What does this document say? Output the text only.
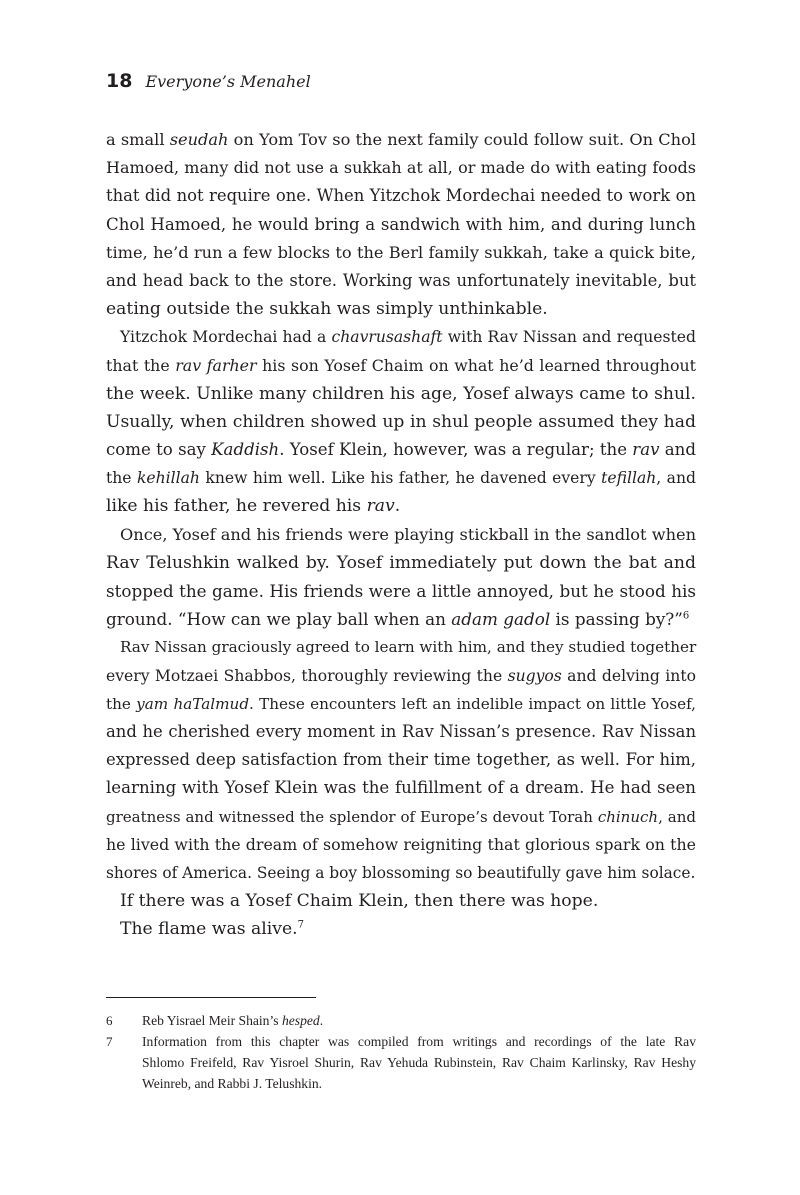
18 Everyone’s Menahel
a small seudah on Yom Tov so the next family could follow suit. On Chol
Hamoed, many did not use a sukkah at all, or made do with eating foods
that did not require one. When Yitzchok Mordechai needed to work on
Chol Hamoed, he would bring a sandwich with him, and during lunch
time, he’d run a few blocks to the Berl family sukkah, take a quick bite,
and head back to the store. Working was unfortunately inevitable, but
eating outside the sukkah was simply unthinkable.
Yitzchok Mordechai had a chavrusashaft with Rav Nissan and requested
that the rav farher his son Yosef Chaim on what he’d learned throughout
the week. Unlike many children his age, Yosef always came to shul.
Usually, when children showed up in shul people assumed they had
come to say Kaddish. Yosef Klein, however, was a regular; the rav and
the kehillah knew him well. Like his father, he davened every tefillah, and
like his father, he revered his rav.
Once, Yosef and his friends were playing stickball in the sandlot when
Rav Telushkin walked by. Yosef immediately put down the bat and
stopped the game. His friends were a little annoyed, but he stood his
ground. “How can we play ball when an adam gadol is passing by?”$^6$
Rav Nissan graciously agreed to learn with him, and they studied together
every Motzaei Shabbos, thoroughly reviewing the sugyos and delving into
the yam haTalmud. These encounters left an indelible impact on little Yosef,
and he cherished every moment in Rav Nissan’s presence. Rav Nissan
expressed deep satisfaction from their time together, as well. For him,
learning with Yosef Klein was the fulfillment of a dream. He had seen
greatness and witnessed the splendor of Europe’s devout Torah chinuch, and
he lived with the dream of somehow reigniting that glorious spark on the
shores of America. Seeing a boy blossoming so beautifully gave him solace.
If there was a Yosef Chaim Klein, then there was hope.
The flame was alive.$^7$
6 Reb Yisrael Meir Shain’s hesped.
7 Information from this chapter was compiled from writings and recordings of the late Rav
Shlomo Freifeld, Rav Yisroel Shurin, Rav Yehuda Rubinstein, Rav Chaim Karlinsky, Rav Heshy
Weinreb, and Rabbi J. Telushkin.
